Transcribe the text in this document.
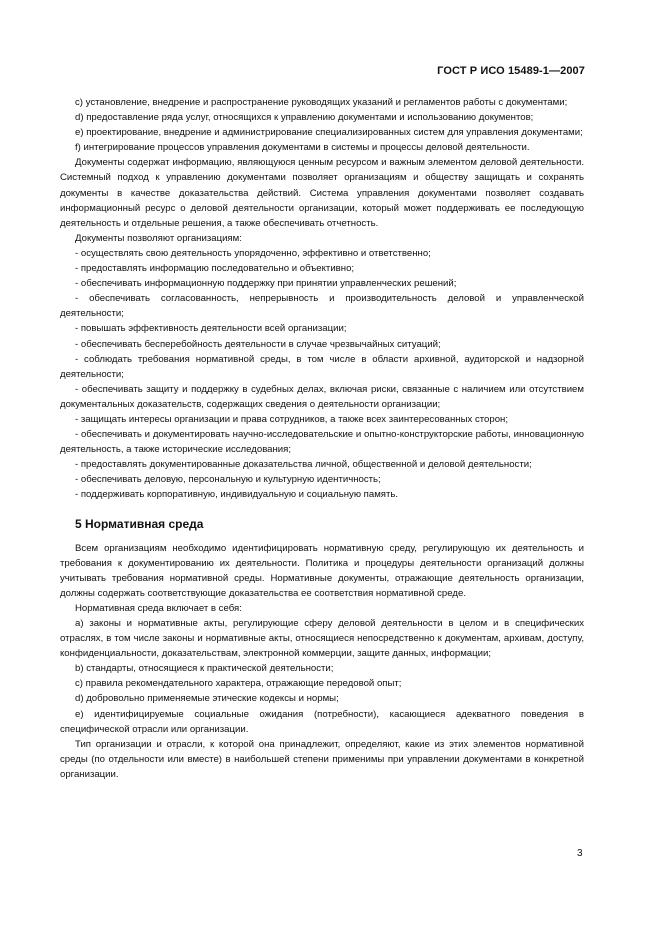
ГОСТ Р ИСО 15489-1—2007

c) установление, внедрение и распространение руководящих указаний и регламентов работы с документами;

d) предоставление ряда услуг, относящихся к управлению документами и использованию документов;

e) проектирование, внедрение и администрирование специализированных систем для управления документами;

f) интегрирование процессов управления документами в системы и процессы деловой деятельности.

Документы содержат информацию, являющуюся ценным ресурсом и важным элементом деловой деятельности. Системный подход к управлению документами позволяет организациям и обществу защищать и сохранять документы в качестве доказательства действий. Система управления документами позволяет создавать информационный ресурс о деловой деятельности организации, который может поддерживать ее последующую деятельность и отдельные решения, а также обеспечивать отчетность.

Документы позволяют организациям:

- осуществлять свою деятельность упорядоченно, эффективно и ответственно;

- предоставлять информацию последовательно и объективно;

- обеспечивать информационную поддержку при принятии управленческих решений;

- обеспечивать согласованность, непрерывность и производительность деловой и управленческой деятельности;

- повышать эффективность деятельности всей организации;

- обеспечивать бесперебойность деятельности в случае чрезвычайных ситуаций;

- соблюдать требования нормативной среды, в том числе в области архивной, аудиторской и надзорной деятельности;

- обеспечивать защиту и поддержку в судебных делах, включая риски, связанные с наличием или отсутствием документальных доказательств, содержащих сведения о деятельности организации;

- защищать интересы организации и права сотрудников, а также всех заинтересованных сторон;

- обеспечивать и документировать научно-исследовательские и опытно-конструкторские работы, инновационную деятельность, а также исторические исследования;

- предоставлять документированные доказательства личной, общественной и деловой деятельности;

- обеспечивать деловую, персональную и культурную идентичность;

- поддерживать корпоративную, индивидуальную и социальную память.

5 Нормативная среда

Всем организациям необходимо идентифицировать нормативную среду, регулирующую их деятельность и требования к документированию их деятельности. Политика и процедуры деятельности организаций должны учитывать требования нормативной среды. Нормативные документы, отражающие деятельность организации, должны содержать соответствующие доказательства ее соответствия нормативной среде.

Нормативная среда включает в себя:

a) законы и нормативные акты, регулирующие сферу деловой деятельности в целом и в специфических отраслях, в том числе законы и нормативные акты, относящиеся непосредственно к документам, архивам, доступу, конфиденциальности, доказательствам, электронной коммерции, защите данных, информации;

b) стандарты, относящиеся к практической деятельности;

c) правила рекомендательного характера, отражающие передовой опыт;

d) добровольно применяемые этические кодексы и нормы;

e) идентифицируемые социальные ожидания (потребности), касающиеся адекватного поведения в специфической отрасли или организации.

Тип организации и отрасли, к которой она принадлежит, определяют, какие из этих элементов нормативной среды (по отдельности или вместе) в наибольшей степени применимы при управлении документами в конкретной организации.

3
